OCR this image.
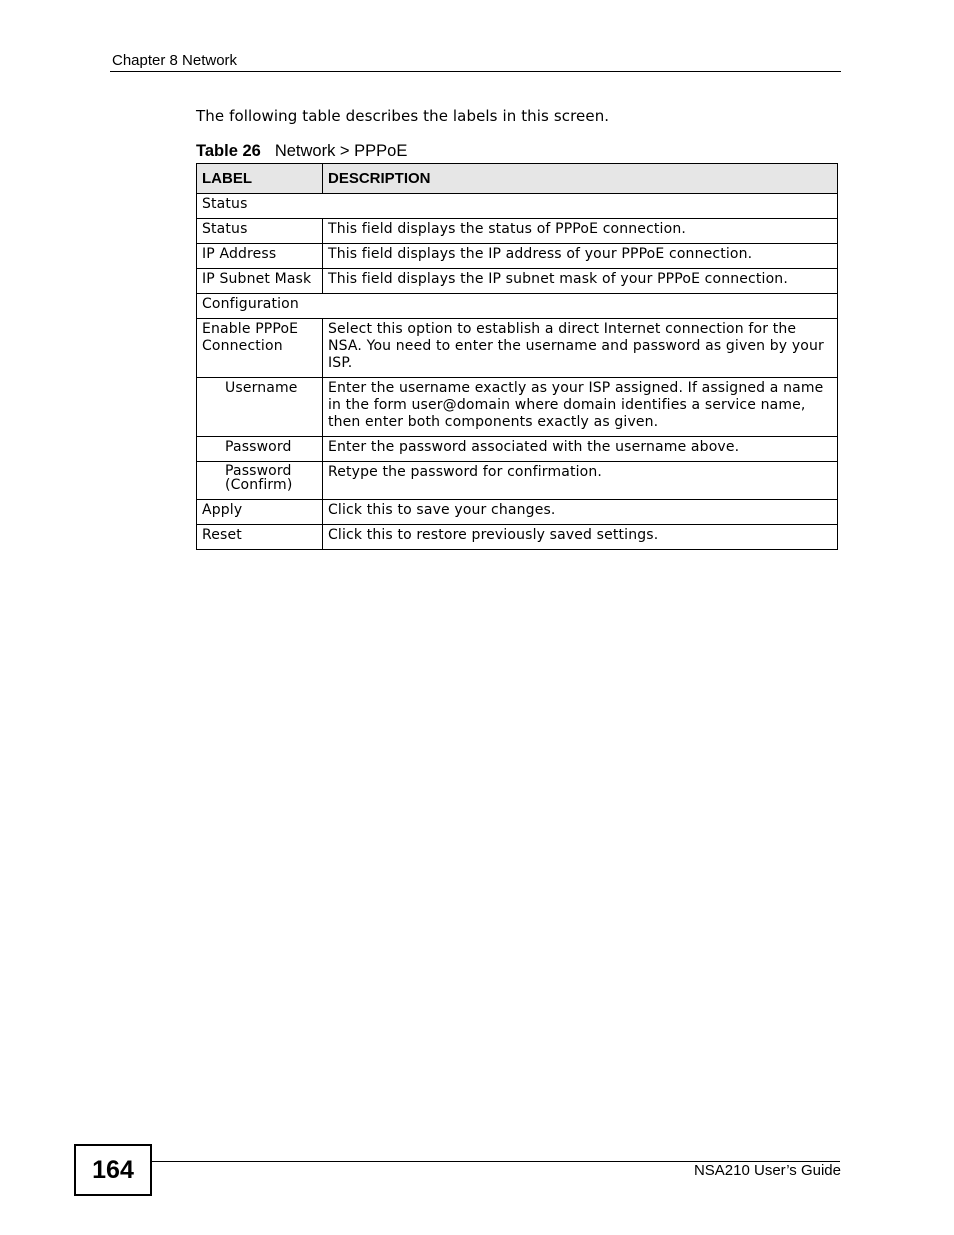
Chapter 8 Network
The following table describes the labels in this screen.
Table 26 Network > PPPoE
LABEL	DESCRIPTION
Status	
Status	This field displays the status of PPPoE connection.
IP Address	This field displays the IP address of your PPPoE connection.
IP Subnet Mask	This field displays the IP subnet mask of your PPPoE connection.
Configuration	
Enable PPPoE Connection	Select this option to establish a direct Internet connection for the NSA. You need to enter the username and password as given by your ISP.
Username	Enter the username exactly as your ISP assigned. If assigned a name in the form user@domain where domain identifies a service name, then enter both components exactly as given.
Password	Enter the password associated with the username above.
Password (Confirm)	Retype the password for confirmation.
Apply	Click this to save your changes.
Reset	Click this to restore previously saved settings.
164	NSA210 User’s Guide
